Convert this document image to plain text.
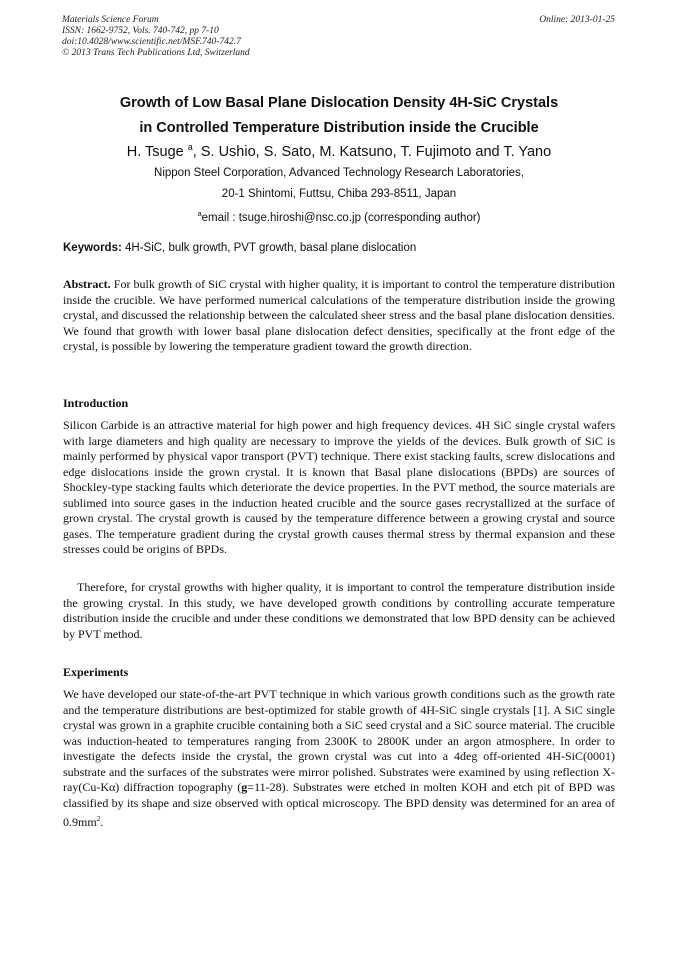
Materials Science Forum
ISSN: 1662-9752, Vols. 740-742, pp 7-10
doi:10.4028/www.scientific.net/MSF.740-742.7
© 2013 Trans Tech Publications Ltd, Switzerland
Online: 2013-01-25
Growth of Low Basal Plane Dislocation Density 4H-SiC Crystals
in Controlled Temperature Distribution inside the Crucible
H. Tsuge $^a$, S. Ushio, S. Sato, M. Katsuno, T. Fujimoto and T. Yano
Nippon Steel Corporation, Advanced Technology Research Laboratories,
20-1 Shintomi, Futtsu, Chiba 293-8511, Japan
$^a$email : tsuge.hiroshi@nsc.co.jp (corresponding author)
Keywords: 4H-SiC, bulk growth, PVT growth, basal plane dislocation
Abstract. For bulk growth of SiC crystal with higher quality, it is important to control the temperature distribution inside the crucible. We have performed numerical calculations of the temperature distribution inside the growing crystal, and discussed the relationship between the calculated sheer stress and the basal plane dislocation densities. We found that growth with lower basal plane dislocation defect densities, specifically at the front edge of the crystal, is possible by lowering the temperature gradient toward the growth direction.
Introduction
Silicon Carbide is an attractive material for high power and high frequency devices. 4H SiC single crystal wafers with large diameters and high quality are necessary to improve the yields of the devices. Bulk growth of SiC is mainly performed by physical vapor transport (PVT) technique. There exist stacking faults, screw dislocations and edge dislocations inside the grown crystal. It is known that Basal plane dislocations (BPDs) are sources of Shockley-type stacking faults which deteriorate the device properties. In the PVT method, the source materials are sublimed into source gases in the induction heated crucible and the source gases recrystallized at the surface of grown crystal. The crystal growth is caused by the temperature difference between a growing crystal and source gases. The temperature gradient during the crystal growth causes thermal stress by thermal expansion and these stresses could be origins of BPDs.
Therefore, for crystal growths with higher quality, it is important to control the temperature distribution inside the growing crystal. In this study, we have developed growth conditions by controlling accurate temperature distribution inside the crucible and under these conditions we demonstrated that low BPD density can be achieved by PVT method.
Experiments
We have developed our state-of-the-art PVT technique in which various growth conditions such as the growth rate and the temperature distributions are best-optimized for stable growth of 4H-SiC single crystals [1]. A SiC single crystal was grown in a graphite crucible containing both a SiC seed crystal and a SiC source material. The crucible was induction-heated to temperatures ranging from 2300K to 2800K under an argon atmosphere. In order to investigate the defects inside the crystal, the grown crystal was cut into a 4deg off-oriented 4H-SiC(0001) substrate and the surfaces of the substrates were mirror polished. Substrates were examined by using reflection X-ray(Cu-Kα) diffraction topography (g=11-28). Substrates were etched in molten KOH and etch pit of BPD was classified by its shape and size observed with optical microscopy. The BPD density was determined for an area of $0.9mm^2$.
